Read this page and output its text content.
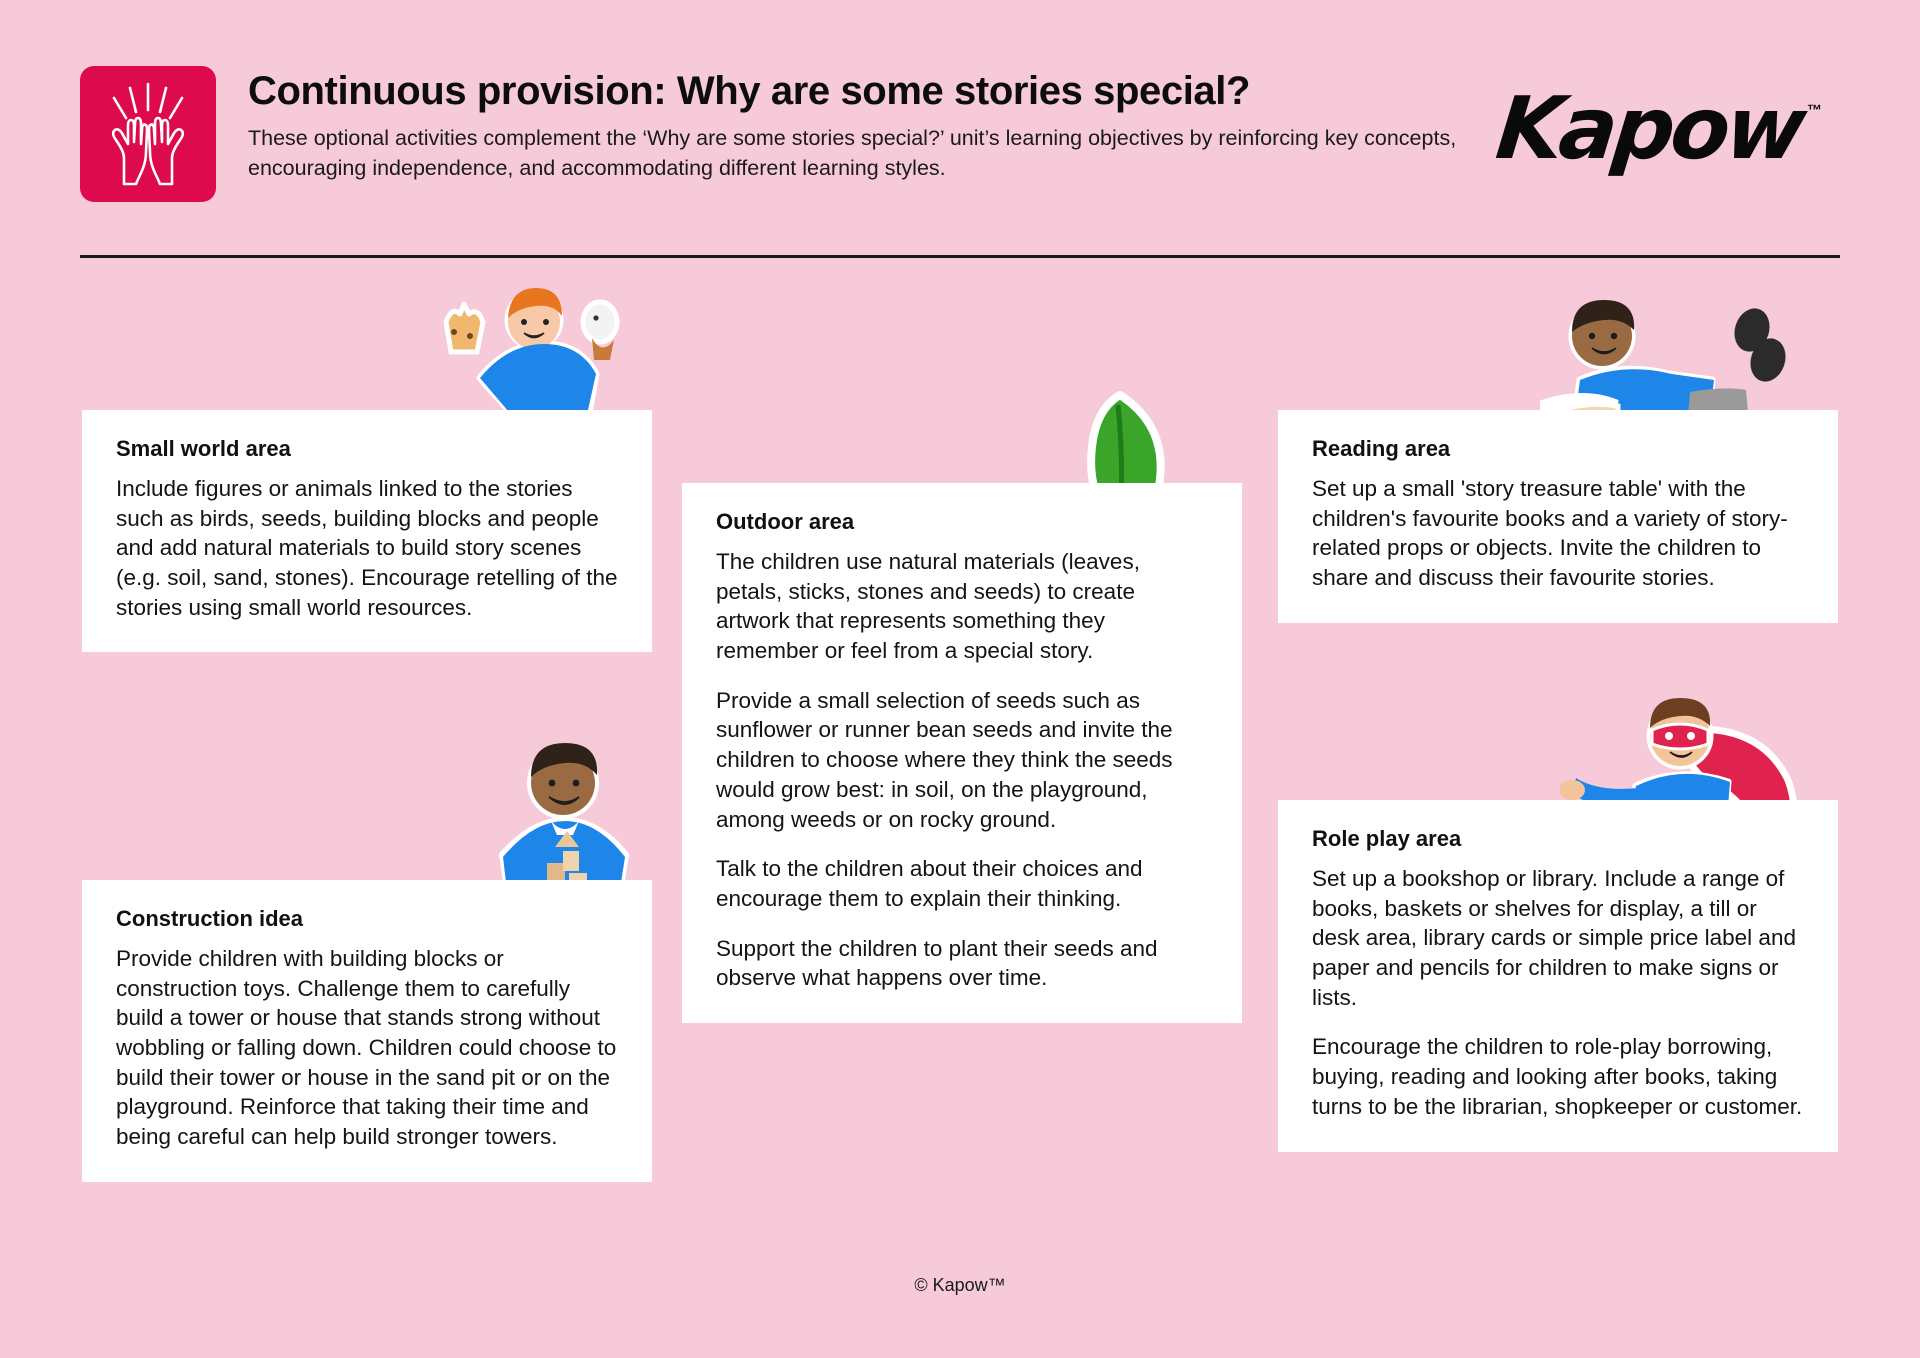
Continuous provision: Why are some stories special?

These optional activities complement the ‘Why are some stories special?’ unit’s learning objectives by reinforcing key concepts, encouraging independence, and accommodating different learning styles.	Kapow ™
Small world area

Include figures or animals linked to the stories such as birds, seeds, building blocks and people and add natural materials to build story scenes (e.g. soil, sand, stones). Encourage retelling of the stories using small world resources.

Construction idea

Provide children with building blocks or construction toys. Challenge them to carefully build a tower or house that stands strong without wobbling or falling down. Children could choose to build their tower or house in the sand pit or on the playground. Reinforce that taking their time and being careful can help build stronger towers.

Outdoor area

The children use natural materials (leaves, petals, sticks, stones and seeds) to create artwork that represents something they remember or feel from a special story.

Provide a small selection of seeds such as sunflower or runner bean seeds and invite the children to choose where they think the seeds would grow best: in soil, on the playground, among weeds or on rocky ground.

Talk to the children about their choices and encourage them to explain their thinking.

Support the children to plant their seeds and observe what happens over time.

Reading area

Set up a small 'story treasure table' with the children's favourite books and a variety of story-related props or objects. Invite the children to share and discuss their favourite stories.

Role play area

Set up a bookshop or library. Include a range of books, baskets or shelves for display, a till or desk area, library cards or simple price label and paper and pencils for children to make signs or lists.

Encourage the children to role-play borrowing, buying, reading and looking after books, taking turns to be the librarian, shopkeeper or customer.

© Kapow™
